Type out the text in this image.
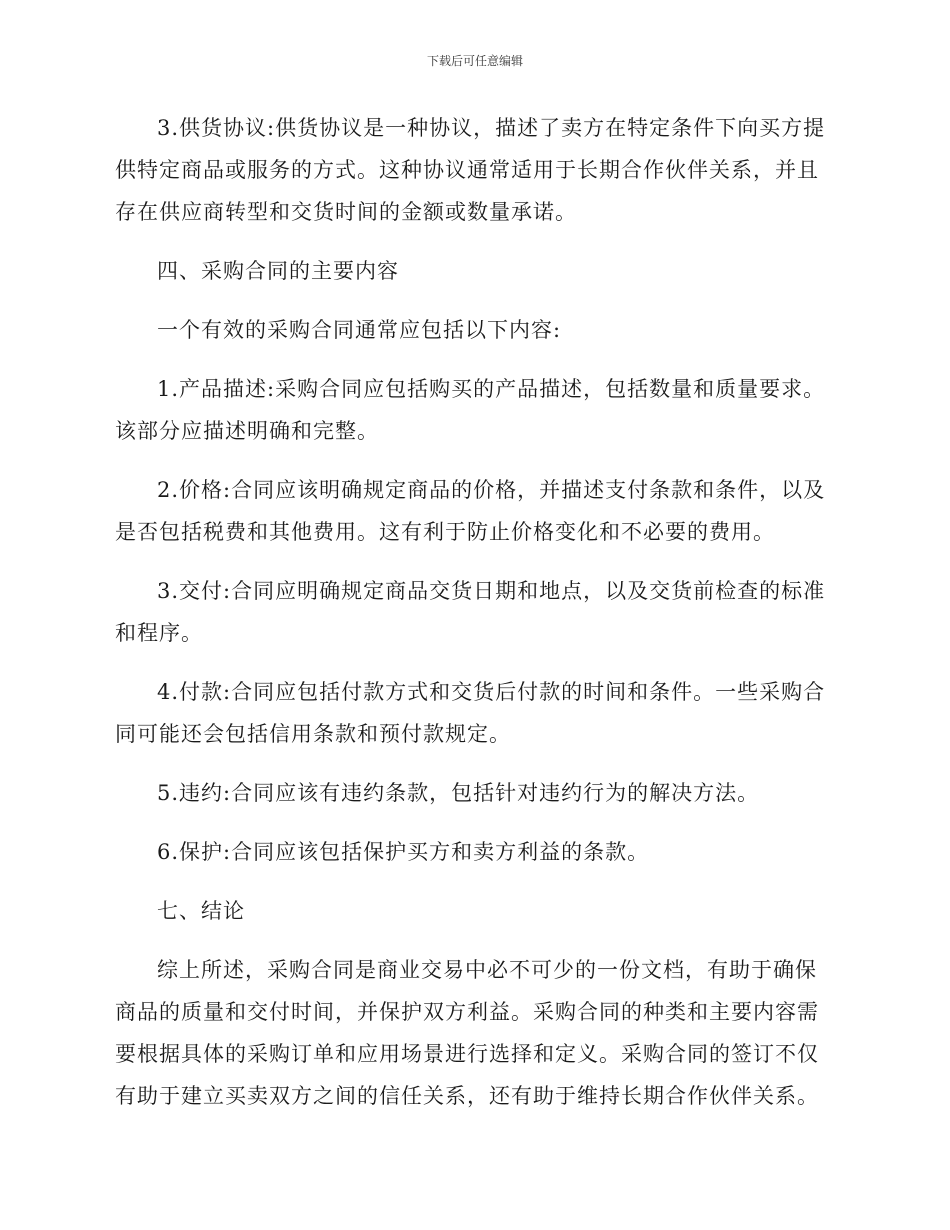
下载后可任意编辑

3.供货协议:供货协议是一种协议，描述了卖方在特定条件下向买方提供特定商品或服务的方式。这种协议通常适用于长期合作伙伴关系，并且存在供应商转型和交货时间的金额或数量承诺。

四、采购合同的主要内容

一个有效的采购合同通常应包括以下内容:

1.产品描述:采购合同应包括购买的产品描述，包括数量和质量要求。该部分应描述明确和完整。

2.价格:合同应该明确规定商品的价格，并描述支付条款和条件，以及是否包括税费和其他费用。这有利于防止价格变化和不必要的费用。

3.交付:合同应明确规定商品交货日期和地点，以及交货前检查的标准和程序。

4.付款:合同应包括付款方式和交货后付款的时间和条件。一些采购合同可能还会包括信用条款和预付款规定。

5.违约:合同应该有违约条款，包括针对违约行为的解决方法。

6.保护:合同应该包括保护买方和卖方利益的条款。

七、结论

综上所述，采购合同是商业交易中必不可少的一份文档，有助于确保商品的质量和交付时间，并保护双方利益。采购合同的种类和主要内容需要根据具体的采购订单和应用场景进行选择和定义。采购合同的签订不仅有助于建立买卖双方之间的信任关系，还有助于维持长期合作伙伴关系。
